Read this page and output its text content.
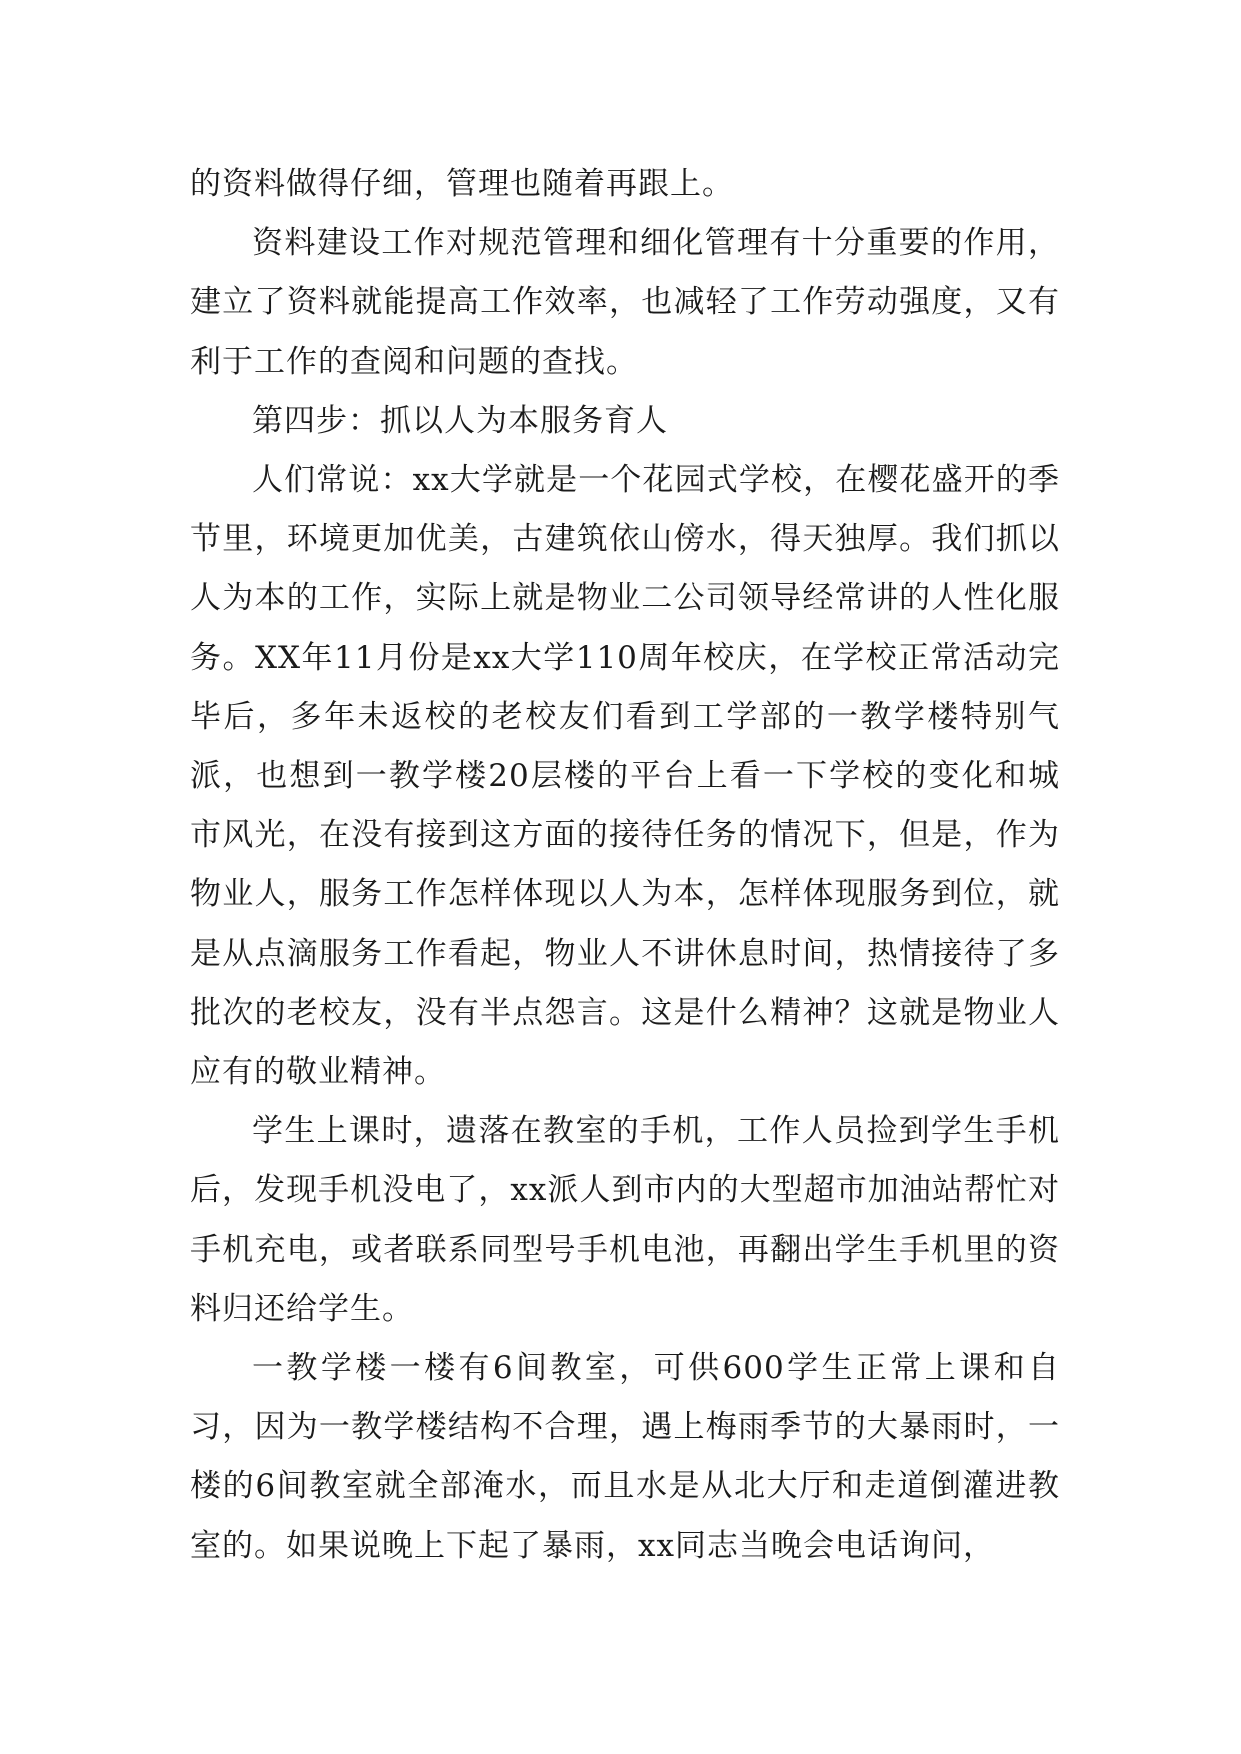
的资料做得仔细，管理也随着再跟上。

资料建设工作对规范管理和细化管理有十分重要的作用，建立了资料就能提高工作效率，也减轻了工作劳动强度，又有利于工作的查阅和问题的查找。

第四步：抓以人为本服务育人

人们常说：xx大学就是一个花园式学校，在樱花盛开的季节里，环境更加优美，古建筑依山傍水，得天独厚。我们抓以人为本的工作，实际上就是物业二公司领导经常讲的人性化服务。XX年11月份是xx大学110周年校庆，在学校正常活动完毕后，多年未返校的老校友们看到工学部的一教学楼特别气派，也想到一教学楼20层楼的平台上看一下学校的变化和城市风光，在没有接到这方面的接待任务的情况下，但是，作为物业人，服务工作怎样体现以人为本，怎样体现服务到位，就是从点滴服务工作看起，物业人不讲休息时间，热情接待了多批次的老校友，没有半点怨言。这是什么精神？这就是物业人应有的敬业精神。

学生上课时，遗落在教室的手机，工作人员捡到学生手机后，发现手机没电了，xx派人到市内的大型超市加油站帮忙对手机充电，或者联系同型号手机电池，再翻出学生手机里的资料归还给学生。

一教学楼一楼有6间教室，可供600学生正常上课和自习，因为一教学楼结构不合理，遇上梅雨季节的大暴雨时，一楼的6间教室就全部淹水，而且水是从北大厅和走道倒灌进教室的。如果说晚上下起了暴雨，xx同志当晚会电话询问，
